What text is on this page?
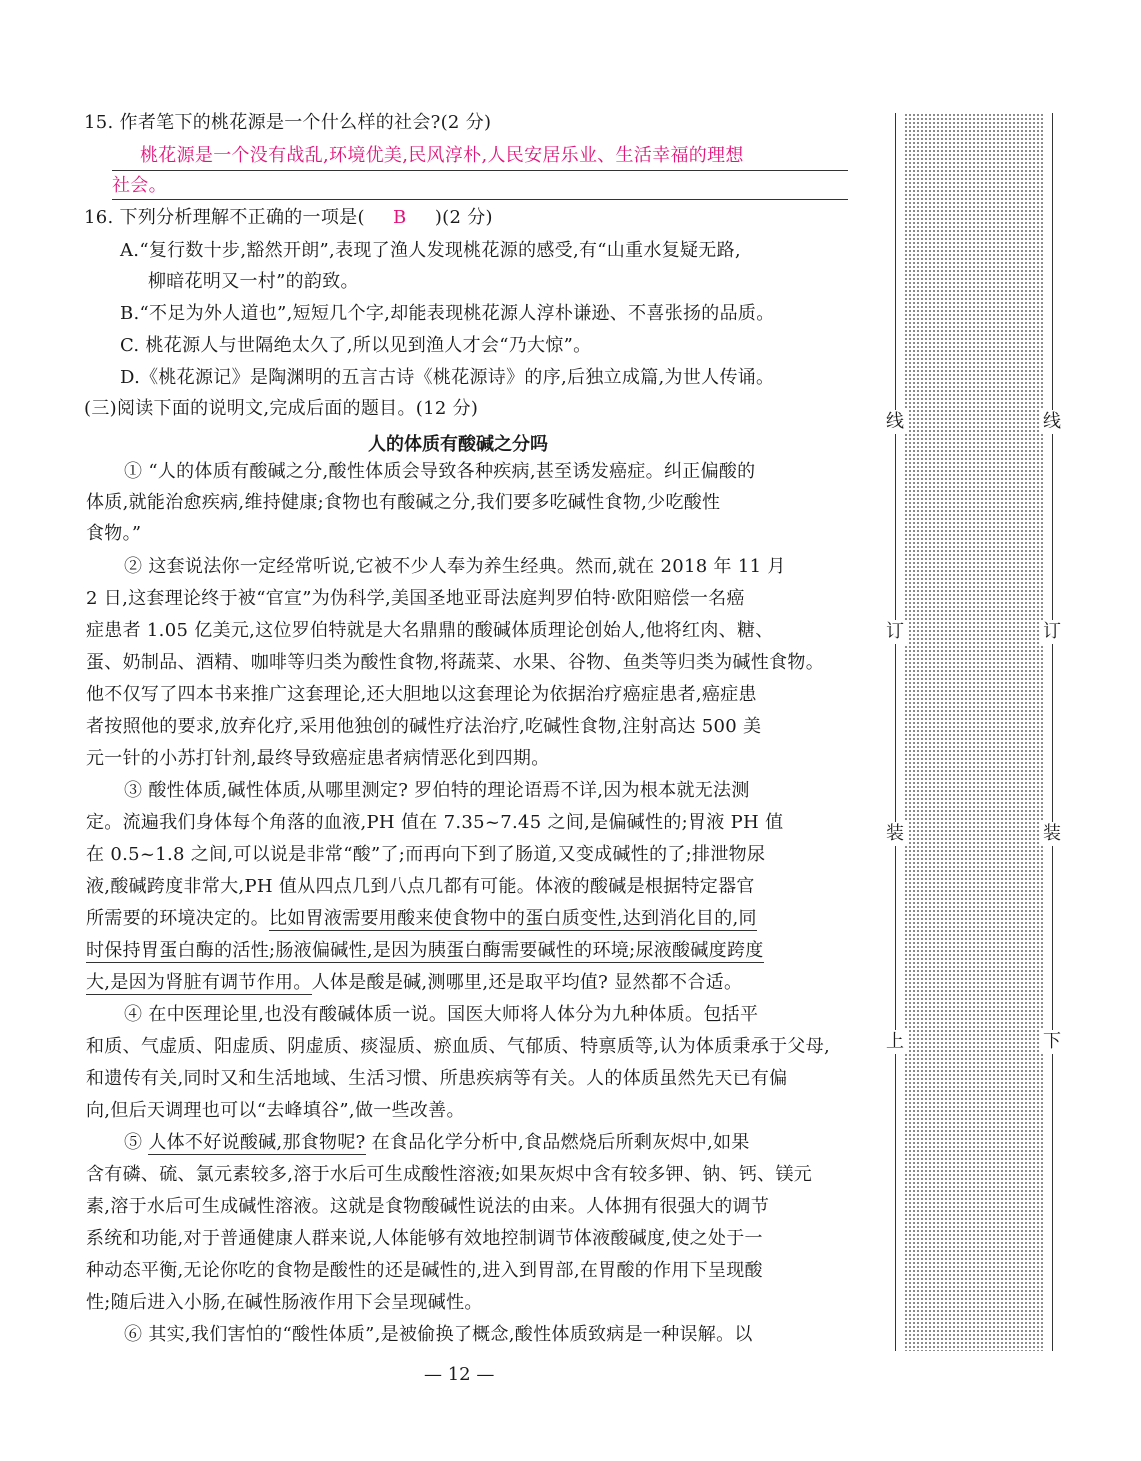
15. 作者笔下的桃花源是一个什么样的社会?(2 分)
桃花源是一个没有战乱,环境优美,民风淳朴,人民安居乐业、生活幸福的理想
社会。
16. 下列分析理解不正确的一项是( B )(2 分)
A.“复行数十步,豁然开朗”,表现了渔人发现桃花源的感受,有“山重水复疑无路,
柳暗花明又一村”的韵致。
B.“不足为外人道也”,短短几个字,却能表现桃花源人淳朴谦逊、不喜张扬的品质。
C. 桃花源人与世隔绝太久了,所以见到渔人才会“乃大惊”。
D.《桃花源记》是陶渊明的五言古诗《桃花源诗》的序,后独立成篇,为世人传诵。
(三)阅读下面的说明文,完成后面的题目。(12 分)
人的体质有酸碱之分吗
① “人的体质有酸碱之分,酸性体质会导致各种疾病,甚至诱发癌症。纠正偏酸的
体质,就能治愈疾病,维持健康;食物也有酸碱之分,我们要多吃碱性食物,少吃酸性
食物。”
② 这套说法你一定经常听说,它被不少人奉为养生经典。然而,就在 2018 年 11 月
2 日,这套理论终于被“官宣”为伪科学,美国圣地亚哥法庭判罗伯特·欧阳赔偿一名癌
症患者 1.05 亿美元,这位罗伯特就是大名鼎鼎的酸碱体质理论创始人,他将红肉、糖、
蛋、奶制品、酒精、咖啡等归类为酸性食物,将蔬菜、水果、谷物、鱼类等归类为碱性食物。
他不仅写了四本书来推广这套理论,还大胆地以这套理论为依据治疗癌症患者,癌症患
者按照他的要求,放弃化疗,采用他独创的碱性疗法治疗,吃碱性食物,注射高达 500 美
元一针的小苏打针剂,最终导致癌症患者病情恶化到四期。
③ 酸性体质,碱性体质,从哪里测定? 罗伯特的理论语焉不详,因为根本就无法测
定。流遍我们身体每个角落的血液,PH 值在 7.35~7.45 之间,是偏碱性的;胃液 PH 值
在 0.5~1.8 之间,可以说是非常“酸”了;而再向下到了肠道,又变成碱性的了;排泄物尿
液,酸碱跨度非常大,PH 值从四点几到八点几都有可能。体液的酸碱是根据特定器官
所需要的环境决定的。比如胃液需要用酸来使食物中的蛋白质变性,达到消化目的,同
时保持胃蛋白酶的活性;肠液偏碱性,是因为胰蛋白酶需要碱性的环境;尿液酸碱度跨度
大,是因为肾脏有调节作用。人体是酸是碱,测哪里,还是取平均值? 显然都不合适。
④ 在中医理论里,也没有酸碱体质一说。国医大师将人体分为九种体质。包括平
和质、气虚质、阳虚质、阴虚质、痰湿质、瘀血质、气郁质、特禀质等,认为体质秉承于父母,
和遗传有关,同时又和生活地域、生活习惯、所患疾病等有关。人的体质虽然先天已有偏
向,但后天调理也可以“去峰填谷”,做一些改善。
⑤ 人体不好说酸碱,那食物呢? 在食品化学分析中,食品燃烧后所剩灰烬中,如果
含有磷、硫、氯元素较多,溶于水后可生成酸性溶液;如果灰烬中含有较多钾、钠、钙、镁元
素,溶于水后可生成碱性溶液。这就是食物酸碱性说法的由来。人体拥有很强大的调节
系统和功能,对于普通健康人群来说,人体能够有效地控制调节体液酸碱度,使之处于一
种动态平衡,无论你吃的食物是酸性的还是碱性的,进入到胃部,在胃酸的作用下呈现酸
性;随后进入小肠,在碱性肠液作用下会呈现碱性。
⑥ 其实,我们害怕的“酸性体质”,是被偷换了概念,酸性体质致病是一种误解。以
— 12 —
线
订
装
上
线
订
装
下
